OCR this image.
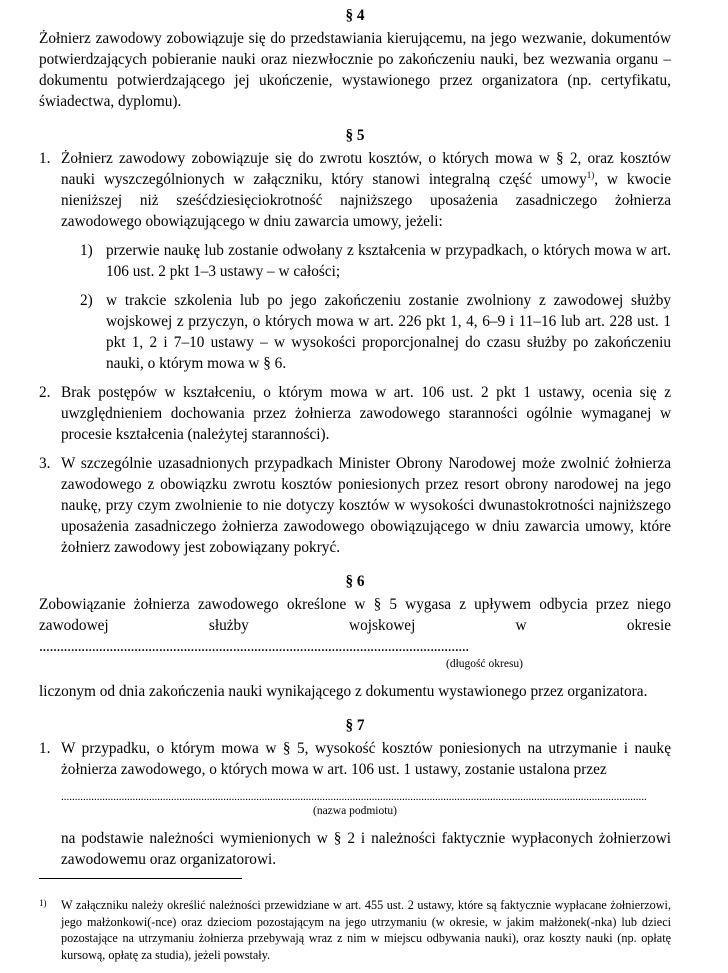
§ 4

Żołnierz zawodowy zobowiązuje się do przedstawiania kierującemu, na jego wezwanie, dokumentów potwierdzających pobieranie nauki oraz niezwłocznie po zakończeniu nauki, bez wezwania organu – dokumentu potwierdzającego jej ukończenie, wystawionego przez organizatora (np. certyfikatu, świadectwa, dyplomu).

§ 5
1. Żołnierz zawodowy zobowiązuje się do zwrotu kosztów, o których mowa w § 2, oraz kosztów nauki wyszczególnionych w załączniku, który stanowi integralną część umowy$^{1)}$, w kwocie nieniższej niż sześćdziesięciokrotność najniższego uposażenia zasadniczego żołnierza zawodowego obowiązującego w dniu zawarcia umowy, jeżeli:
1) przerwie naukę lub zostanie odwołany z kształcenia w przypadkach, o których mowa w art. 106 ust. 2 pkt 1–3 ustawy – w całości;
2) w trakcie szkolenia lub po jego zakończeniu zostanie zwolniony z zawodowej służby wojskowej z przyczyn, o których mowa w art. 226 pkt 1, 4, 6–9 i 11–16 lub art. 228 ust. 1 pkt 1, 2 i 7–10 ustawy – w wysokości proporcjonalnej do czasu służby po zakończeniu nauki, o którym mowa w § 6.
2. Brak postępów w kształceniu, o którym mowa w art. 106 ust. 2 pkt 1 ustawy, ocenia się z uwzględnieniem dochowania przez żołnierza zawodowego staranności ogólnie wymaganej w procesie kształcenia (należytej staranności).
3. W szczególnie uzasadnionych przypadkach Minister Obrony Narodowej może zwolnić żołnierza zawodowego z obowiązku zwrotu kosztów poniesionych przez resort obrony narodowej na jego naukę, przy czym zwolnienie to nie dotyczy kosztów w wysokości dwunastokrotności najniższego uposażenia zasadniczego żołnierza zawodowego obowiązującego w dniu zawarcia umowy, które żołnierz zawodowy jest zobowiązany pokryć.
§ 6

Zobowiązanie żołnierza zawodowego określone w § 5 wygasa z upływem odbycia przez niego zawodowej służby wojskowej w okresie ..........................................................................................................................

(długość okresu)

liczonym od dnia zakończenia nauki wynikającego z dokumentu wystawionego przez organizatora.

§ 7
1. W przypadku, o którym mowa w § 5, wysokość kosztów poniesionych na utrzymanie i naukę żołnierza zawodowego, o których mowa w art. 106 ust. 1 ustawy, zostanie ustalona przez
.....................................................................................................................................................................................................................
(nazwa podmiotu)
na podstawie należności wymienionych w § 2 i należności faktycznie wypłaconych żołnierzowi zawodowemu oraz organizatorowi.
1)	W załączniku należy określić należności przewidziane w art. 455 ust. 2 ustawy, które są faktycznie wypłacane żołnierzowi, jego małżonkowi(-nce) oraz dzieciom pozostającym na jego utrzymaniu (w okresie, w jakim małżonek(-nka) lub dzieci pozostające na utrzymaniu żołnierza przebywają wraz z nim w miejscu odbywania nauki), oraz koszty nauki (np. opłatę kursową, opłatę za studia), jeżeli powstały.
